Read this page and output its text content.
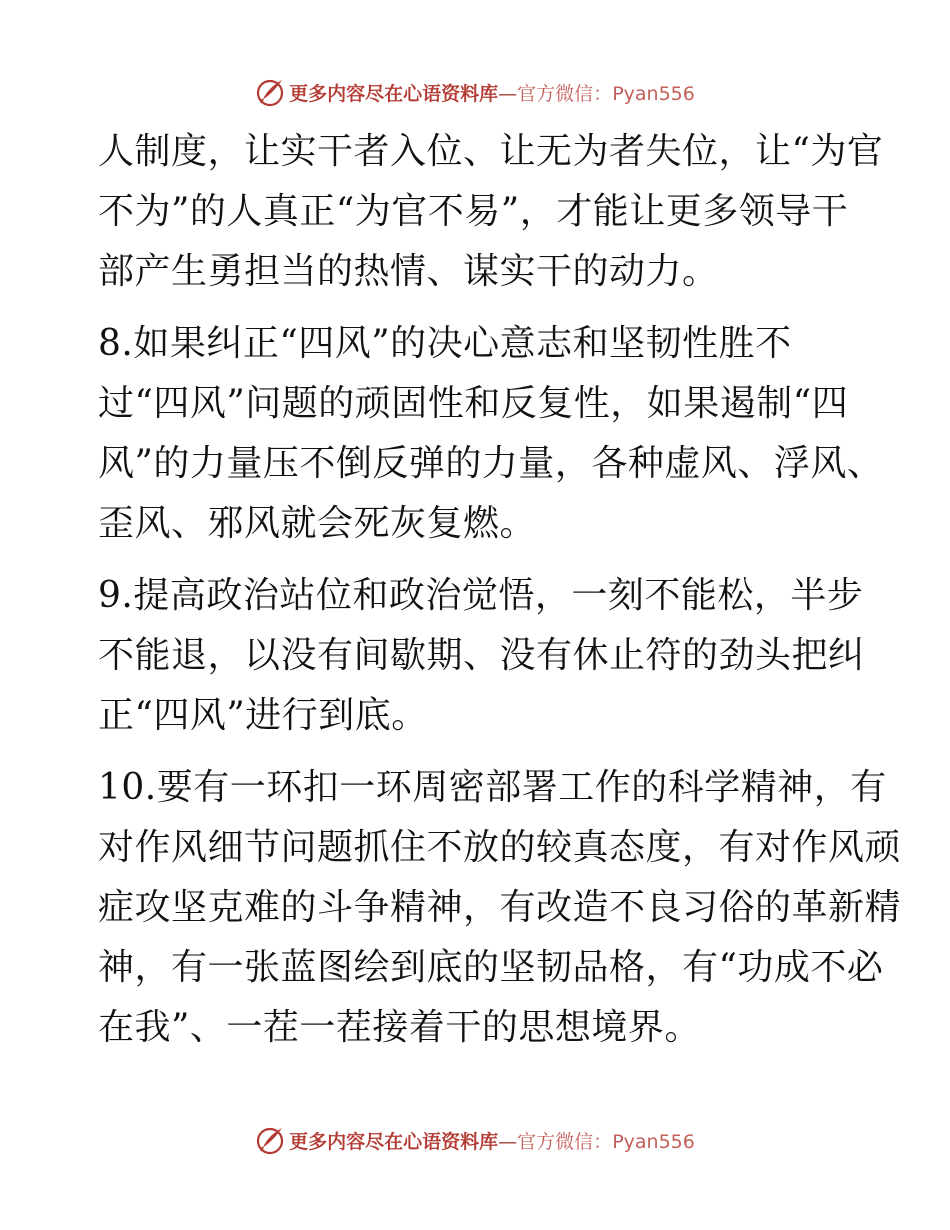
更多内容尽在心语资料库—官方微信：Pyan556

人制度，让实干者入位、让无为者失位，让“为官
不为”的人真正“为官不易”，才能让更多领导干
部产生勇担当的热情、谋实干的动力。

8.如果纠正“四风”的决心意志和坚韧性胜不
过“四风”问题的顽固性和反复性，如果遏制“四
风”的力量压不倒反弹的力量，各种虚风、浮风、
歪风、邪风就会死灰复燃。

9.提高政治站位和政治觉悟，一刻不能松，半步
不能退，以没有间歇期、没有休止符的劲头把纠
正“四风”进行到底。

10.要有一环扣一环周密部署工作的科学精神，有
对作风细节问题抓住不放的较真态度，有对作风顽
症攻坚克难的斗争精神，有改造不良习俗的革新精
神，有一张蓝图绘到底的坚韧品格，有“功成不必
在我”、一茬一茬接着干的思想境界。

更多内容尽在心语资料库—官方微信：Pyan556
